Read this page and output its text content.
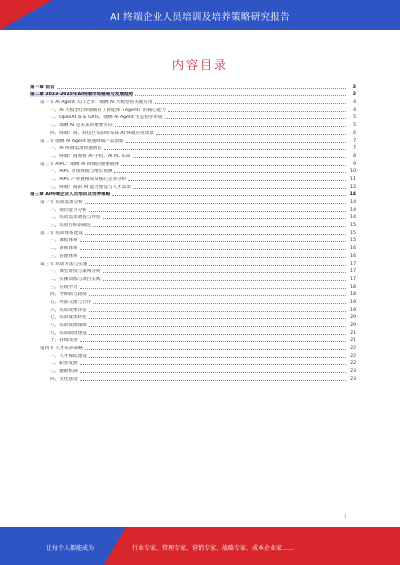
AI 终端企业人员培训及培养策略研究报告
内容目录
第一章 前言	3
第二章 2023-2025年AI终端市场格局与发展趋势	3
第一节 AI Agent 入口之争：端侧 AI 大模型的关键应用	4
一、AI 大模型让终端拥有了智能体（Agent）的核心能力	4
二、OpenAI 发布 GPTs，端侧 AI Agent 生态初步形成	5
三、端侧 AI 是未来的重要方向	5
四、终端厂商、科技巨头纷纷布局 AI 终端应用场景	6
第二节 端侧 AI Agent 加速终端产品创新	7
一、AI 终端需求快速增长	7
二、终端厂商加快 AI 手机、AI PC 布局	8
第三节 AIPC：端侧 AI 终端的重要载体	9
一、AIPC 市场规模与增长预测	10
二、AIPC 产业链格局及核心企业分析	11
三、终端厂商的 AI 能力建设与人才需求	12
第三章 AI终端企业人员培训及培养策略	14
第一节 培训需求分析	14
一、岗位能力分析	14
二、培训需求调查与评估	14
三、培训目标的确定	15
第二节 培训体系建设	15
一、课程体系	15
二、讲师体系	16
三、管理体系	16
第三节 培训方法与实施	17
一、课堂讲授与案例分析	17
二、实操训练与项目实践	17
三、在线学习	18
四、导师制与轮岗	18
五、外部交流与合作	19
六、培训效果评估	19
七、培训成果转化	20
八、培训资源保障	20
九、培训制度建设	21
十、持续改进	21
第四节 人才培养策略	22
一、人才梯队建设	22
二、职业发展	22
三、激励机制	23
四、文化建设	23
1
让每个人都能成为	行业专家、管理专家、营销专家、战略专家、成本企业家……
